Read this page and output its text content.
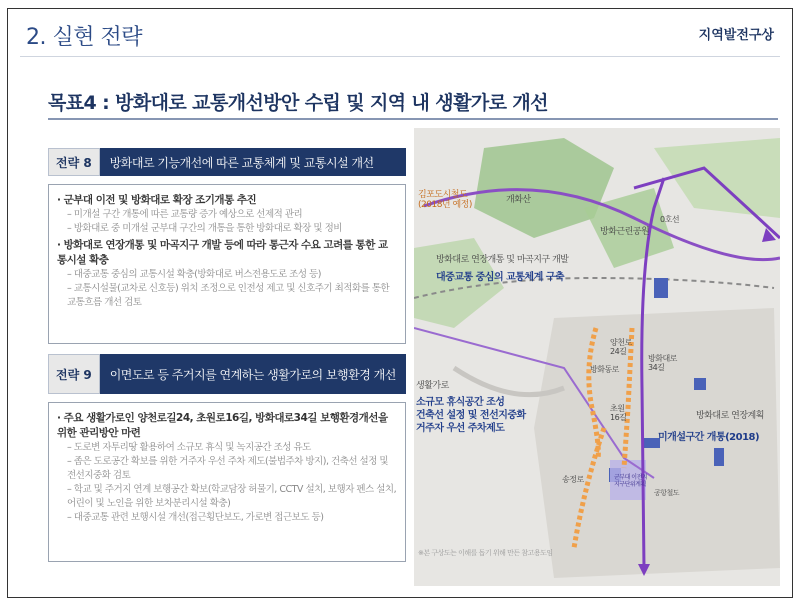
2. 실현 전략	지역발전구상
목표4 : 방화대로 교통개선방안 수립 및 지역 내 생활가로 개선
전략 8	방화대로 기능개선에 따른 교통체계 및 교통시설 개선
· 군부대 이전 및 방화대로 확장 조기개통 추진
– 미개설 구간 개통에 따른 교통량 증가 예상으로 선제적 관리
– 방화대로 중 미개설 군부대 구간의 개통을 통한 방화대로 확장 및 정비
· 방화대로 연장개통 및 마곡지구 개발 등에 따라 통근자 수요 고려를 통한 교통시설 확충
– 대중교통 중심의 교통시설 확충(방화대로 버스전용도로 조성 등)
– 교통시설물(교차로 신호등) 위치 조정으로 인전성 제고 및 신호주기 최적화를 통한 교통흐름 개선 검토
전략 9	이면도로 등 주거지를 연계하는 생활가로의 보행환경 개선
· 주요 생활가로인 양천로길24, 초원로16길, 방화대로34길 보행환경개선을 위한 관리방안 마련
– 도로변 자투리땅 활용하여 소규모 휴식 및 녹지공간 조성 유도
– 좁은 도로공간 확보를 위한 거주자 우선 주차 제도(불법주차 방지), 건축선 설정 및 전선지중화 검토
– 학교 및 주거지 연계 보행공간 확보(학교담장 허물기, CCTV 설치, 보행자 펜스 설치, 어린이 및 노인을 위한 보차분리시설 확충)
– 대중교통 관련 보행시설 개선(접근횡단보도, 가로변 접근보도 등)
김포도시철도
(2018년 예정)	개화산
방화근린공원
방화대로 연장개통 및 마곡지구 개발
대중교통 중심의 교통체계 구축
0호선
양천로
24길
방화대로
34길
방화동로
생활가로
소규모 휴식공간 조성
건축선 설정 및 전선지중화
거주자 우선 주차제도
초원
16길	방화대로 연장계획
미개설구간 개통(2018)
송정로	군부대 이전지
지구단위계획
공항철도
※본 구상도는 이해를 돕기 위해 만든 참고용도임
